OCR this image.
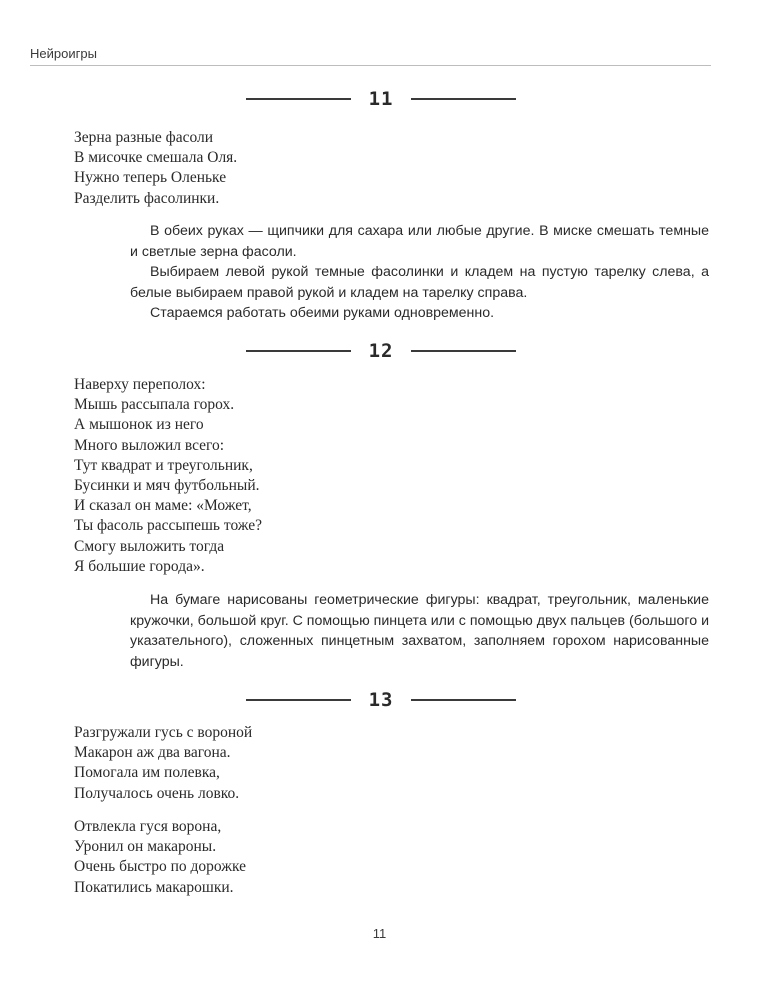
Нейроигры
11
Зерна разные фасоли
В мисочке смешала Оля.
Нужно теперь Оленьке
Разделить фасолинки.

В обеих руках — щипчики для сахара или любые другие. В миске смешать темные и светлые зерна фасоли.

Выбираем левой рукой темные фасолинки и кладем на пустую тарелку слева, а белые выбираем правой рукой и кладем на тарелку справа.

Стараемся работать обеими руками одновременно.

12
Наверху переполох:
Мышь рассыпала горох.
А мышонок из него
Много выложил всего:
Тут квадрат и треугольник,
Бусинки и мяч футбольный.
И сказал он маме: «Может,
Ты фасоль рассыпешь тоже?
Смогу выложить тогда
Я большие города».

На бумаге нарисованы геометрические фигуры: квадрат, треугольник, маленькие кружочки, большой круг. С помощью пинцета или с помощью двух пальцев (большого и указательного), сложенных пинцетным захватом, заполняем горохом нарисованные фигуры.

13
Разгружали гусь с вороной
Макарон аж два вагона.
Помогала им полевка,
Получалось очень ловко.
Отвлекла гуся ворона,
Уронил он макароны.
Очень быстро по дорожке
Покатились макарошки.
11
